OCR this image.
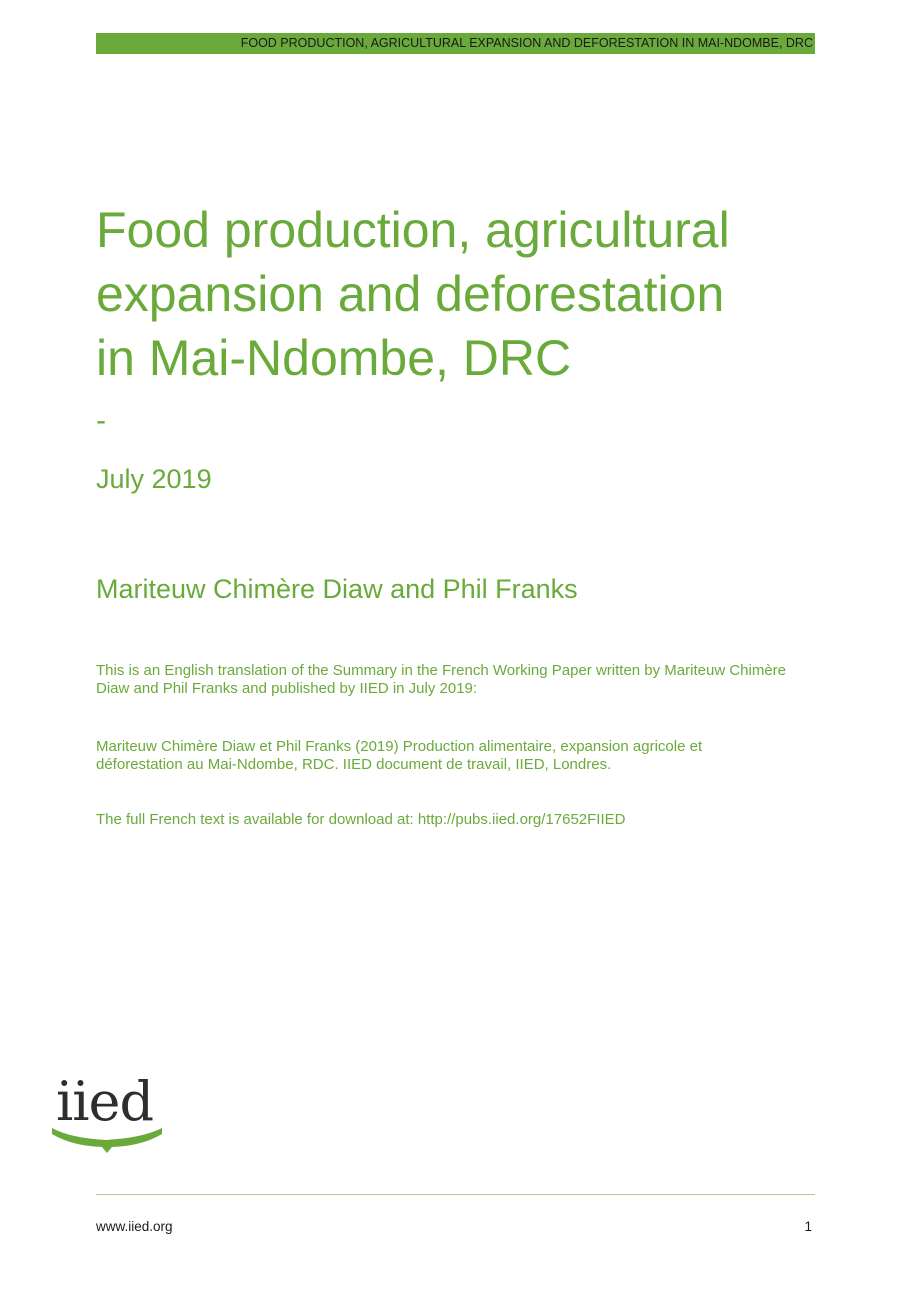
FOOD PRODUCTION, AGRICULTURAL EXPANSION AND DEFORESTATION IN MAI-NDOMBE, DRC
Food production, agricultural
expansion and deforestation
in Mai-Ndombe, DRC
-
July 2019
Mariteuw Chimère Diaw and Phil Franks

This is an English translation of the Summary in the French Working Paper written by Mariteuw Chimère Diaw and Phil Franks and published by IIED in July 2019:

Mariteuw Chimère Diaw et Phil Franks (2019) Production alimentaire, expansion agricole et déforestation au Mai-Ndombe, RDC. IIED document de travail, IIED, Londres.

The full French text is available for download at: http://pubs.iied.org/17652FIIED

iied
www.iied.org	1
